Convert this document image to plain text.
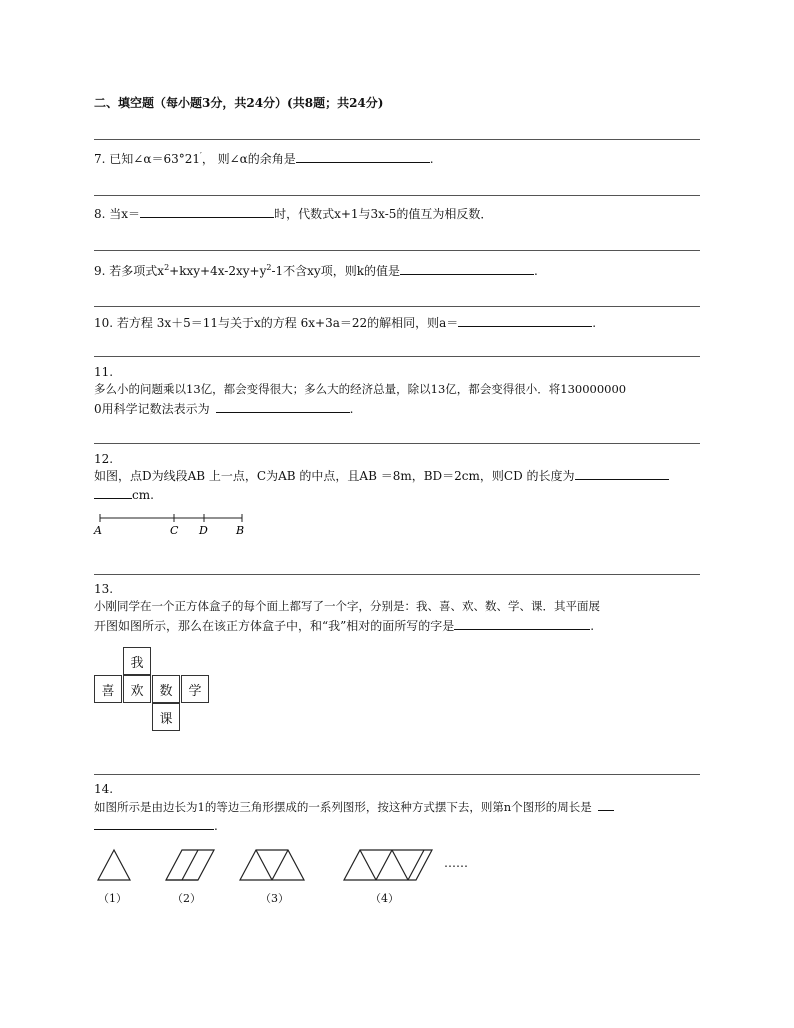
二、填空题（每小题3分，共24分）(共8题；共24分)
7. 已知∠α＝63°21′， 则∠α的余角是	.
8. 当x＝	时，代数式x+1与3x-5的值互为相反数．
9. 若多项式$x^2+kxy+4x-2xy+y^2-1$不含xy项，则k的值是	.
10. 若方程 3x＋5＝11与关于x的方程 6x+3a＝22的解相同，则a＝	.
11.
多么小的问题乘以13亿，都会变得很大；多么大的经济总量，除以13亿，都会变得很小．将130000000
0用科学记数法表示为	.
12.
如图，点D为线段AB 上一点，C为AB 的中点，且AB ＝8m，BD＝2cm，则CD 的长度为
cm.
A	C D	B
13.
小刚同学在一个正方体盒子的每个面上都写了一个字，分别是：我、喜、欢、数、学、课．其平面展
开图如图所示，那么在该正方体盒子中，和“我”相对的面所写的字是	.
我
喜	欢	数	学
课
14.
如图所示是由边长为1的等边三角形摆成的一系列图形，按这种方式摆下去，则第n个图形的周长是
.
……
（1）	（2）	（3）	（4）
